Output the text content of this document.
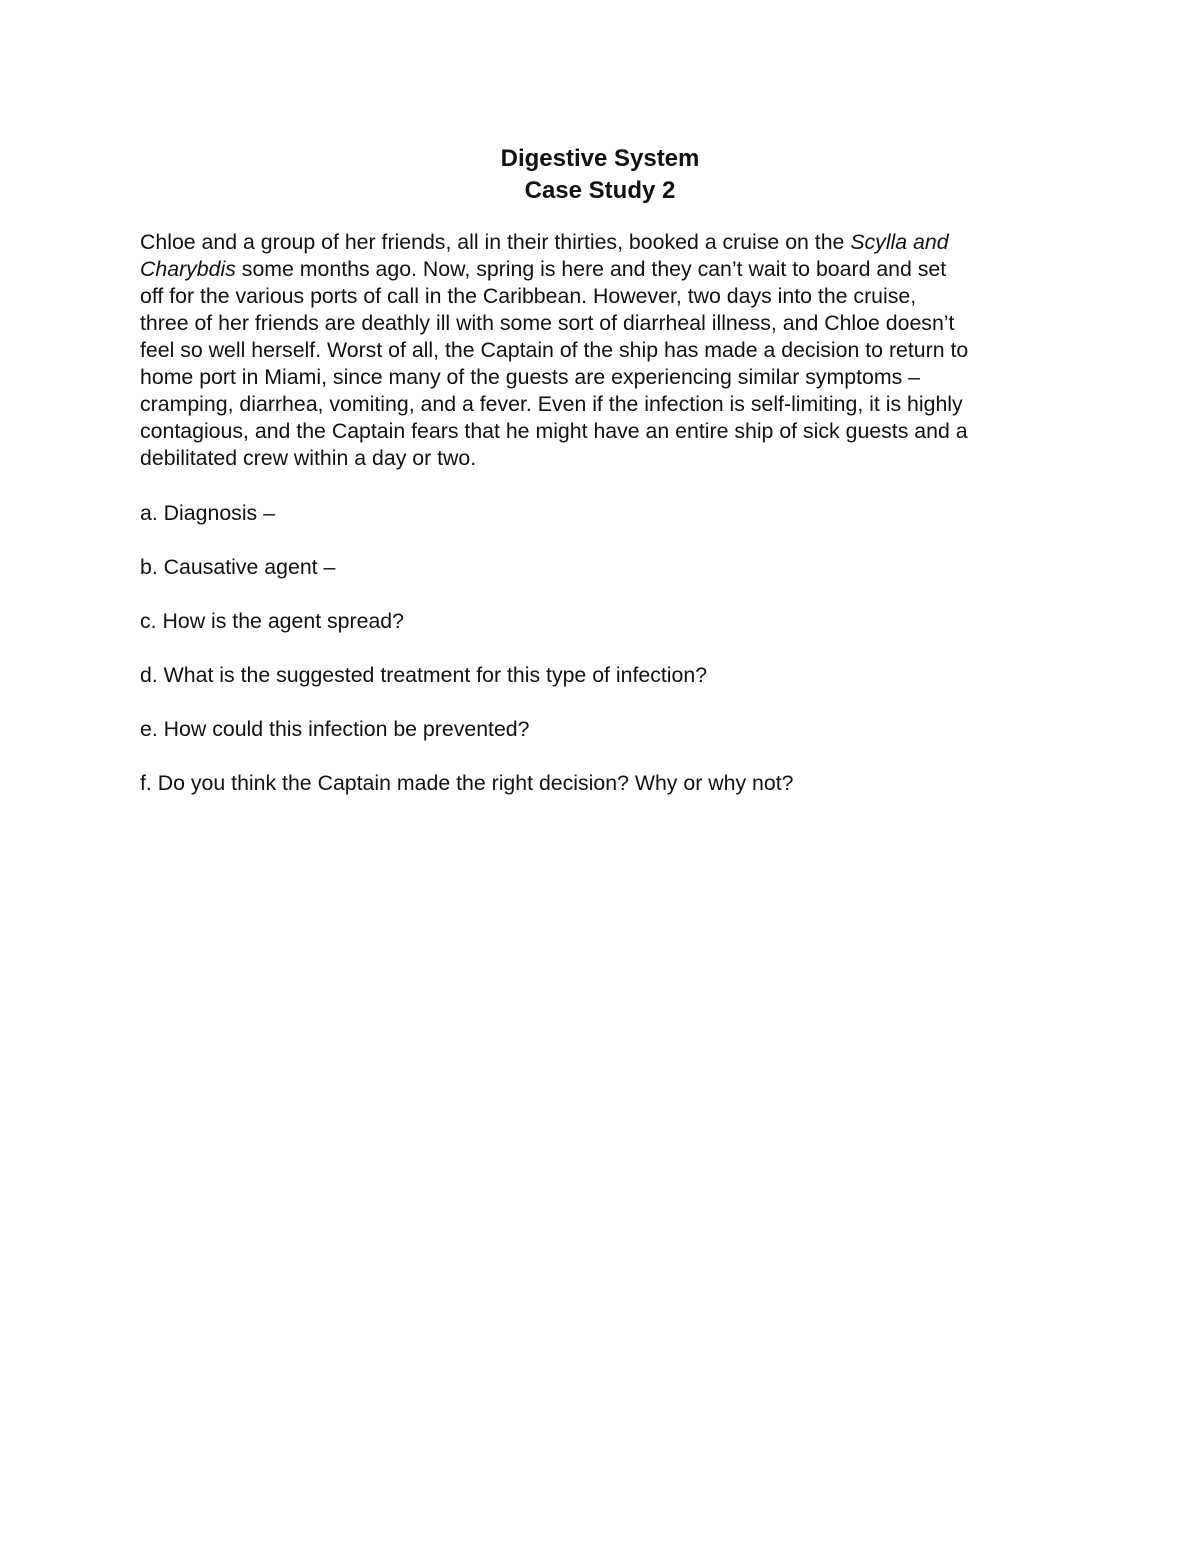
Digestive System
Case Study 2
Chloe and a group of her friends, all in their thirties, booked a cruise on the Scylla and
Charybdis some months ago. Now, spring is here and they can’t wait to board and set
off for the various ports of call in the Caribbean. However, two days into the cruise,
three of her friends are deathly ill with some sort of diarrheal illness, and Chloe doesn’t
feel so well herself. Worst of all, the Captain of the ship has made a decision to return to
home port in Miami, since many of the guests are experiencing similar symptoms –
cramping, diarrhea, vomiting, and a fever. Even if the infection is self-limiting, it is highly
contagious, and the Captain fears that he might have an entire ship of sick guests and a
debilitated crew within a day or two.
a. Diagnosis –
b. Causative agent –
c. How is the agent spread?
d. What is the suggested treatment for this type of infection?
e. How could this infection be prevented?
f. Do you think the Captain made the right decision? Why or why not?
